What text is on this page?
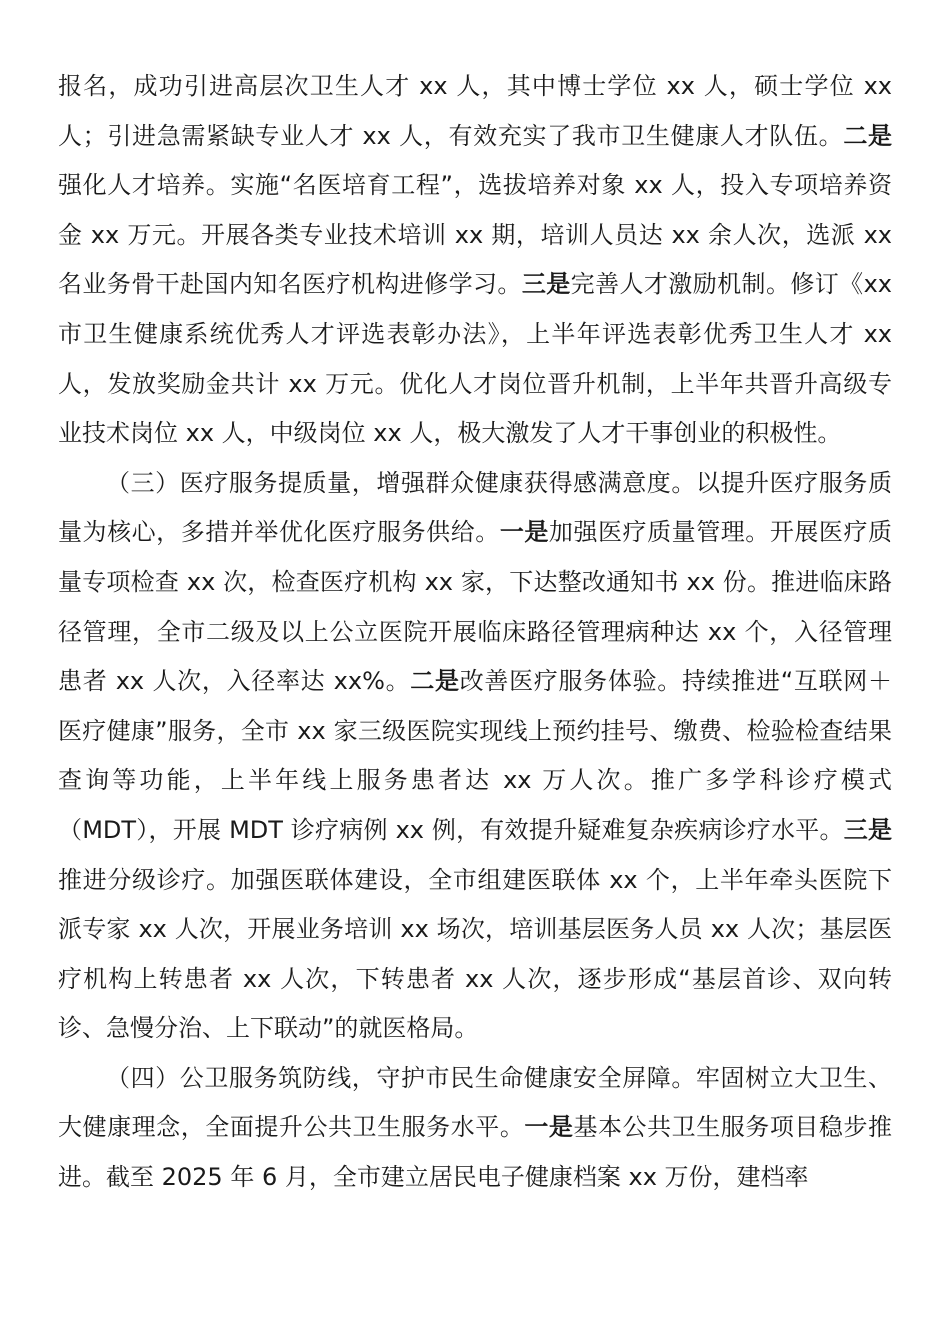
报名，成功引进高层次卫生人才 xx 人，其中博士学位 xx 人，硕士学位 xx 人；引进急需紧缺专业人才 xx 人，有效充实了我市卫生健康人才队伍。二是强化人才培养。实施“名医培育工程”，选拔培养对象 xx 人，投入专项培养资金 xx 万元。开展各类专业技术培训 xx 期，培训人员达 xx 余人次，选派 xx 名业务骨干赴国内知名医疗机构进修学习。三是完善人才激励机制。修订《xx 市卫生健康系统优秀人才评选表彰办法》，上半年评选表彰优秀卫生人才 xx 人，发放奖励金共计 xx 万元。优化人才岗位晋升机制，上半年共晋升高级专业技术岗位 xx 人，中级岗位 xx 人，极大激发了人才干事创业的积极性。

（三）医疗服务提质量，增强群众健康获得感满意度。以提升医疗服务质量为核心，多措并举优化医疗服务供给。一是加强医疗质量管理。开展医疗质量专项检查 xx 次，检查医疗机构 xx 家，下达整改通知书 xx 份。推进临床路径管理，全市二级及以上公立医院开展临床路径管理病种达 xx 个，入径管理患者 xx 人次，入径率达 xx%。二是改善医疗服务体验。持续推进“互联网＋医疗健康”服务，全市 xx 家三级医院实现线上预约挂号、缴费、检验检查结果查询等功能，上半年线上服务患者达 xx 万人次。推广多学科诊疗模式（MDT），开展 MDT 诊疗病例 xx 例，有效提升疑难复杂疾病诊疗水平。三是推进分级诊疗。加强医联体建设，全市组建医联体 xx 个，上半年牵头医院下派专家 xx 人次，开展业务培训 xx 场次，培训基层医务人员 xx 人次；基层医疗机构上转患者 xx 人次，下转患者 xx 人次，逐步形成“基层首诊、双向转诊、急慢分治、上下联动”的就医格局。

（四）公卫服务筑防线，守护市民生命健康安全屏障。牢固树立大卫生、大健康理念，全面提升公共卫生服务水平。一是基本公共卫生服务项目稳步推进。截至 2025 年 6 月，全市建立居民电子健康档案 xx 万份，建档率
